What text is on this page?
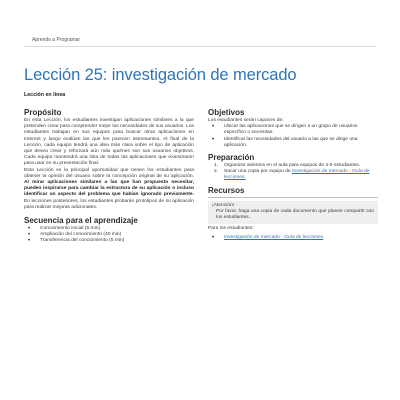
Aprendo a Programar
Lección 25: investigación de mercado
Lección en línea
Propósito

En esta Lección, los estudiantes investigan aplicaciones similares a la que pretenden crear para comprender mejor las necesidades de sus usuarios. Los estudiantes trabajan en sus equipos para buscar otras aplicaciones en Internet y luego evalúan las que les parecen interesantes. Al final de la Lección, cada equipo tendrá una idea más clara sobre el tipo de aplicación que desea crear y reforzará aún más quiénes son sus usuarios objetivos. Cada equipo mantendrá una lista de todas las aplicaciones que examinaron para usar en su presentación final.

Esta Lección es la principal oportunidad que tienen los estudiantes para obtener la opinión del usuario sobre la concepción original de su aplicación. Al mirar aplicaciones similares a las que han propuesto necesitar, pueden inspirarse para cambiar la estructura de su aplicación o incluso identificar un aspecto del problema que habían ignorado previamente. En lecciones posteriores, los estudiantes probarán prototipos de su aplicación para realizar mejoras adicionales.

Secuencia para el aprendizaje
• Conocimiento inicial (5 min)
• Ampliación del conocimiento (40 min)
• Transferencia del conocimiento (5 min)
Objetivos

Los estudiantes serán capaces de:

• Ubicar las aplicaciones que se dirigen a un grupo de usuarios específico o necesitan.
• Identificar las necesidades del usuario a las que se dirige una aplicación.
Preparación
1. Organizar asientos en el aula para equipos de 4-5 estudiantes.
2. Sacar una copia por equipo de Investigación de mercado - Guía de lecciones.
Recursos

¡Atención!

Por favor, haga una copia de cada documento que planee compartir con los estudiantes.

Para los estudiantes:

• Investigación de mercado - Guía de lecciones
